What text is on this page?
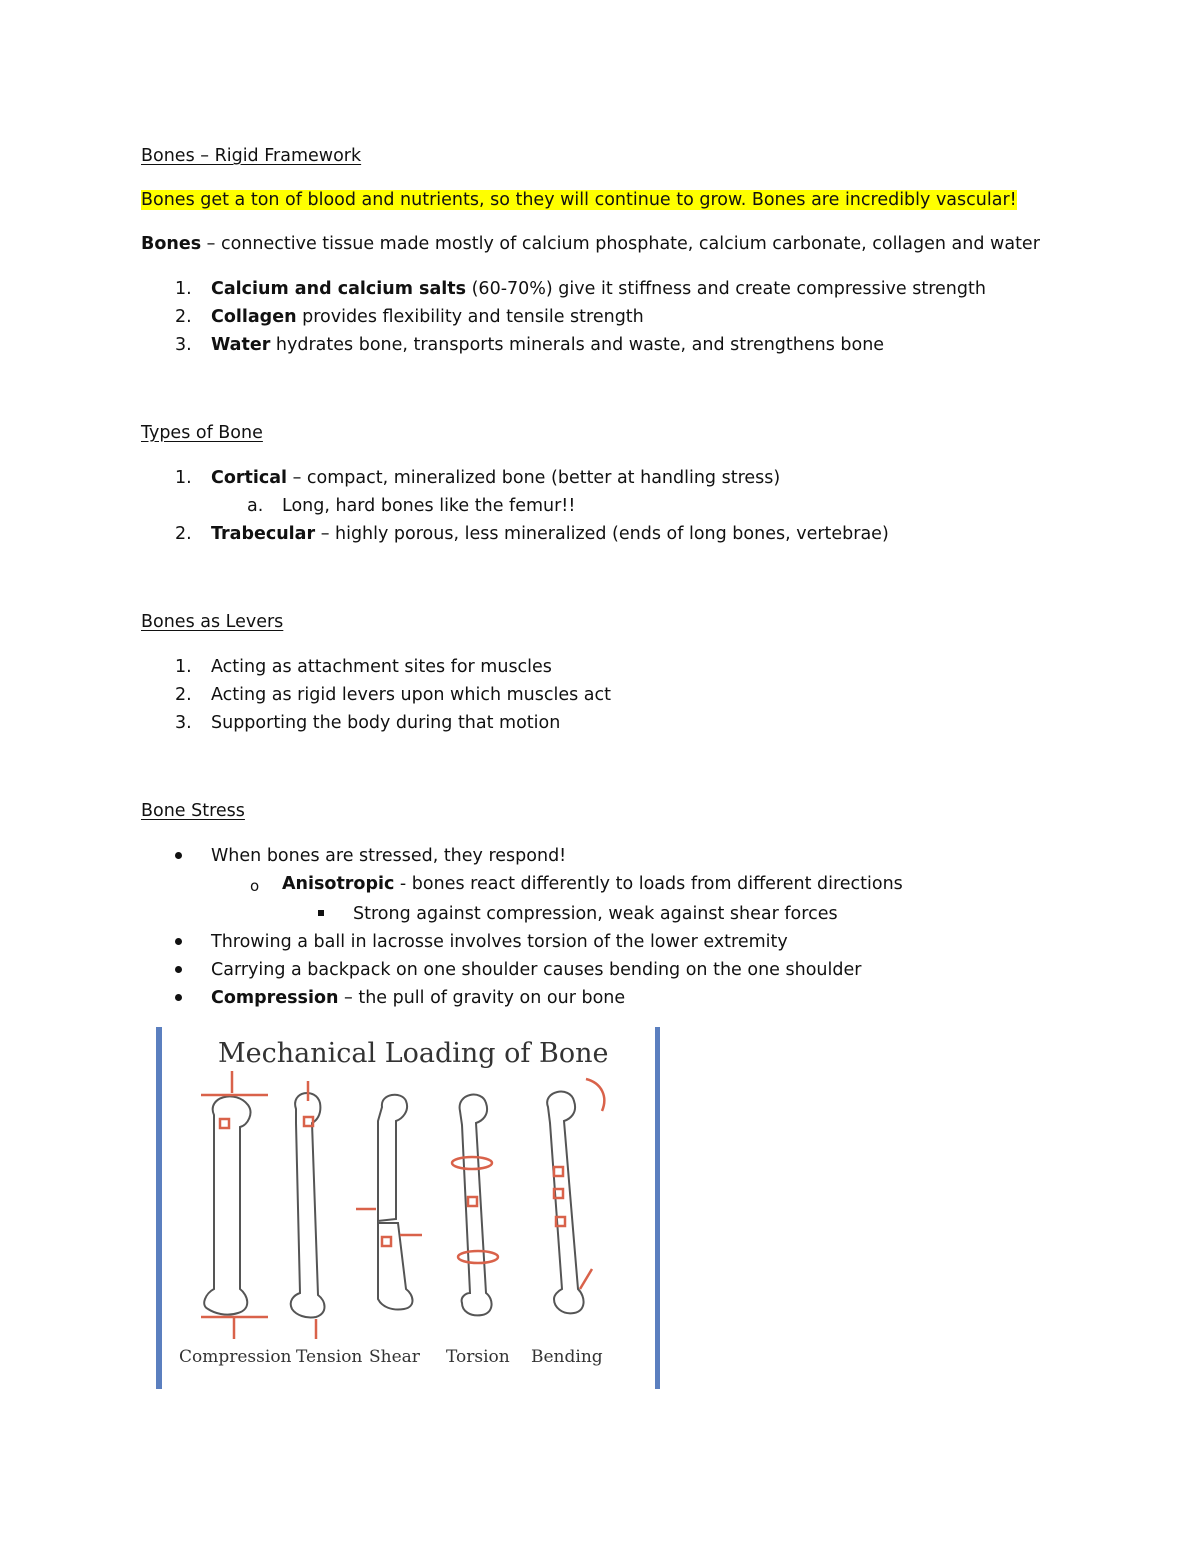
Bones – Rigid Framework
Bones get a ton of blood and nutrients, so they will continue to grow. Bones are incredibly vascular!
Bones – connective tissue made mostly of calcium phosphate, calcium carbonate, collagen and water
1. Calcium and calcium salts (60-70%) give it stiffness and create compressive strength
2. Collagen provides flexibility and tensile strength
3. Water hydrates bone, transports minerals and waste, and strengthens bone
Types of Bone
1. Cortical – compact, mineralized bone (better at handling stress)
a. Long, hard bones like the femur!!
2. Trabecular – highly porous, less mineralized (ends of long bones, vertebrae)
Bones as Levers
1. Acting as attachment sites for muscles
2. Acting as rigid levers upon which muscles act
3. Supporting the body during that motion
Bone Stress
When bones are stressed, they respond!
o Anisotropic - bones react differently to loads from different directions
Strong against compression, weak against shear forces
Throwing a ball in lacrosse involves torsion of the lower extremity
Carrying a backpack on one shoulder causes bending on the one shoulder
Compression – the pull of gravity on our bone
Mechanical Loading of Bone
Compression Tension Shear Torsion Bending
